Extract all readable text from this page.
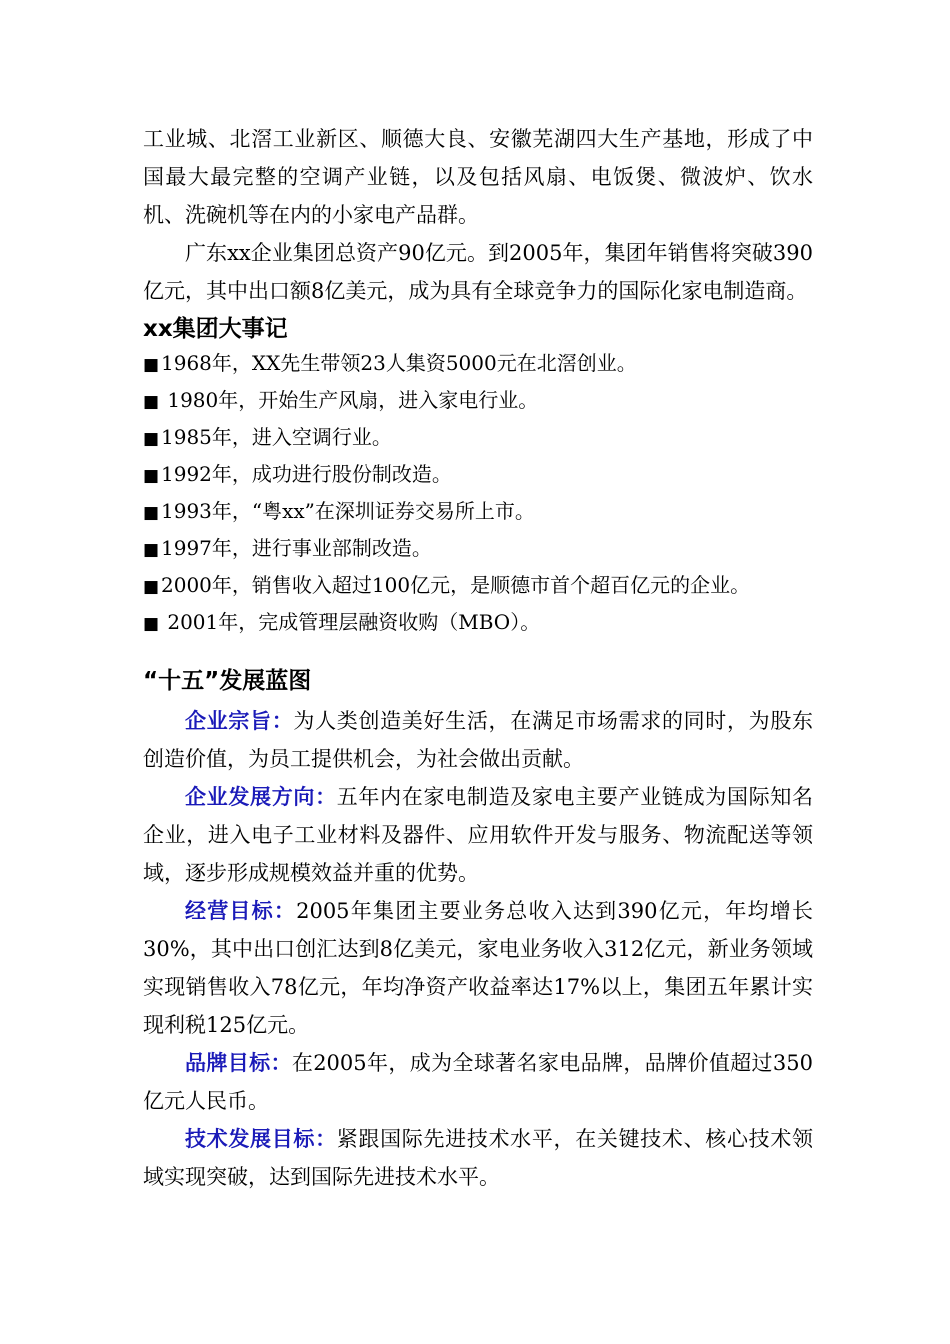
工业城、北滘工业新区、顺德大良、安徽芜湖四大生产基地，形成了中国最大最完整的空调产业链，以及包括风扇、电饭煲、微波炉、饮水机、洗碗机等在内的小家电产品群。

广东xx企业集团总资产90亿元。到2005年，集团年销售将突破390亿元，其中出口额8亿美元，成为具有全球竞争力的国际化家电制造商。

xx集团大事记

■1968年，XX先生带领23人集资5000元在北滘创业。

■ 1980年，开始生产风扇，进入家电行业。

■1985年，进入空调行业。

■1992年，成功进行股份制改造。

■1993年，“粤xx”在深圳证券交易所上市。

■1997年，进行事业部制改造。

■2000年，销售收入超过100亿元，是顺德市首个超百亿元的企业。

■ 2001年，完成管理层融资收购（MBO）。

“十五”发展蓝图

企业宗旨：为人类创造美好生活，在满足市场需求的同时，为股东创造价值，为员工提供机会，为社会做出贡献。

企业发展方向：五年内在家电制造及家电主要产业链成为国际知名企业，进入电子工业材料及器件、应用软件开发与服务、物流配送等领域，逐步形成规模效益并重的优势。

经营目标：2005年集团主要业务总收入达到390亿元，年均增长30%，其中出口创汇达到8亿美元，家电业务收入312亿元，新业务领域实现销售收入78亿元，年均净资产收益率达17%以上，集团五年累计实现利税125亿元。

品牌目标：在2005年，成为全球著名家电品牌，品牌价值超过350亿元人民币。

技术发展目标：紧跟国际先进技术水平，在关键技术、核心技术领域实现突破，达到国际先进技术水平。
